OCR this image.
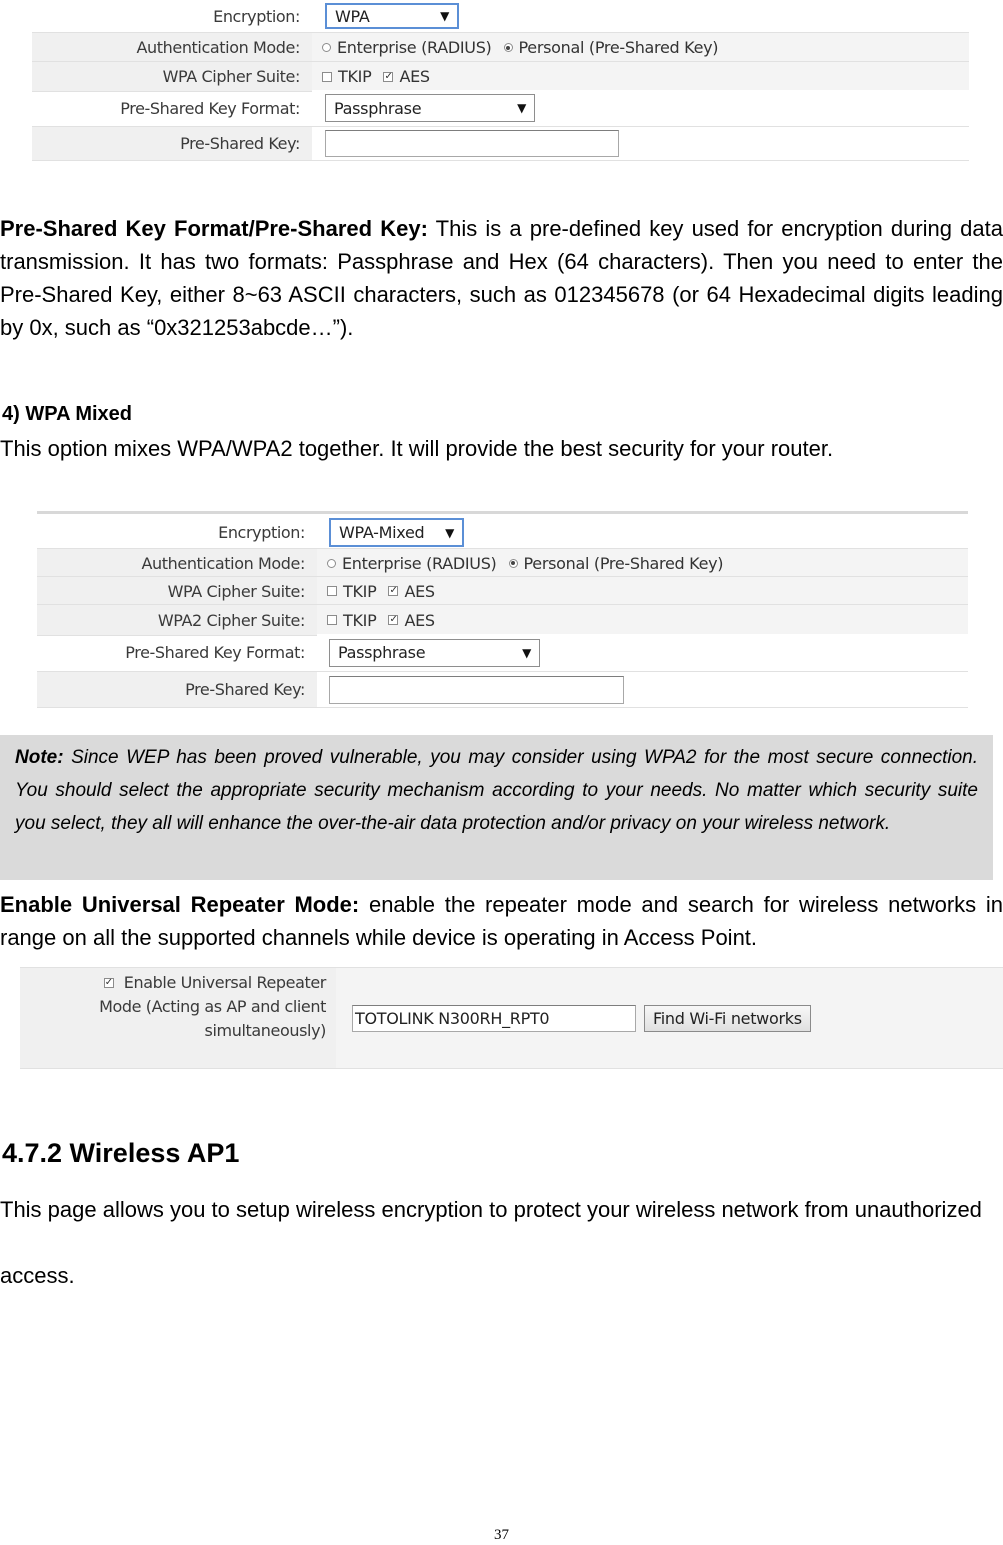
Encryption:	WPA	▼
Authentication Mode:	Enterprise (RADIUS) Personal (Pre-Shared Key)
WPA Cipher Suite:	TKIP ✓ AES
Pre-Shared Key Format:	Passphrase	▼
Pre-Shared Key:
Pre-Shared Key Format/Pre-Shared Key: This is a pre-defined key used for encryption during data transmission. It has two formats: Passphrase and Hex (64 characters). Then you need to enter the Pre-Shared Key, either 8~63 ASCII characters, such as 012345678 (or 64 Hexadecimal digits leading by 0x, such as “0x321253abcde…”).
4) WPA Mixed
This option mixes WPA/WPA2 together. It will provide the best security for your router.
Encryption:	WPA-Mixed ▼
Authentication Mode:	Enterprise (RADIUS) Personal (Pre-Shared Key)
WPA Cipher Suite:	TKIP ✓ AES
WPA2 Cipher Suite:	TKIP ✓ AES
Pre-Shared Key Format:	Passphrase	▼
Pre-Shared Key:
Note: Since WEP has been proved vulnerable, you may consider using WPA2 for the most secure connection. You should select the appropriate security mechanism according to your needs. No matter which security suite you select, they all will enhance the over-the-air data protection and/or privacy on your wireless network.
Enable Universal Repeater Mode: enable the repeater mode and search for wireless networks in range on all the supported channels while device is operating in Access Point.
✓ Enable Universal Repeater
Mode (Acting as AP and client
simultaneously)
TOTOLINK N300RH_RPT0	Find Wi-Fi networks
4.7.2 Wireless AP1
This page allows you to setup wireless encryption to protect your wireless network from unauthorized
access.
37
